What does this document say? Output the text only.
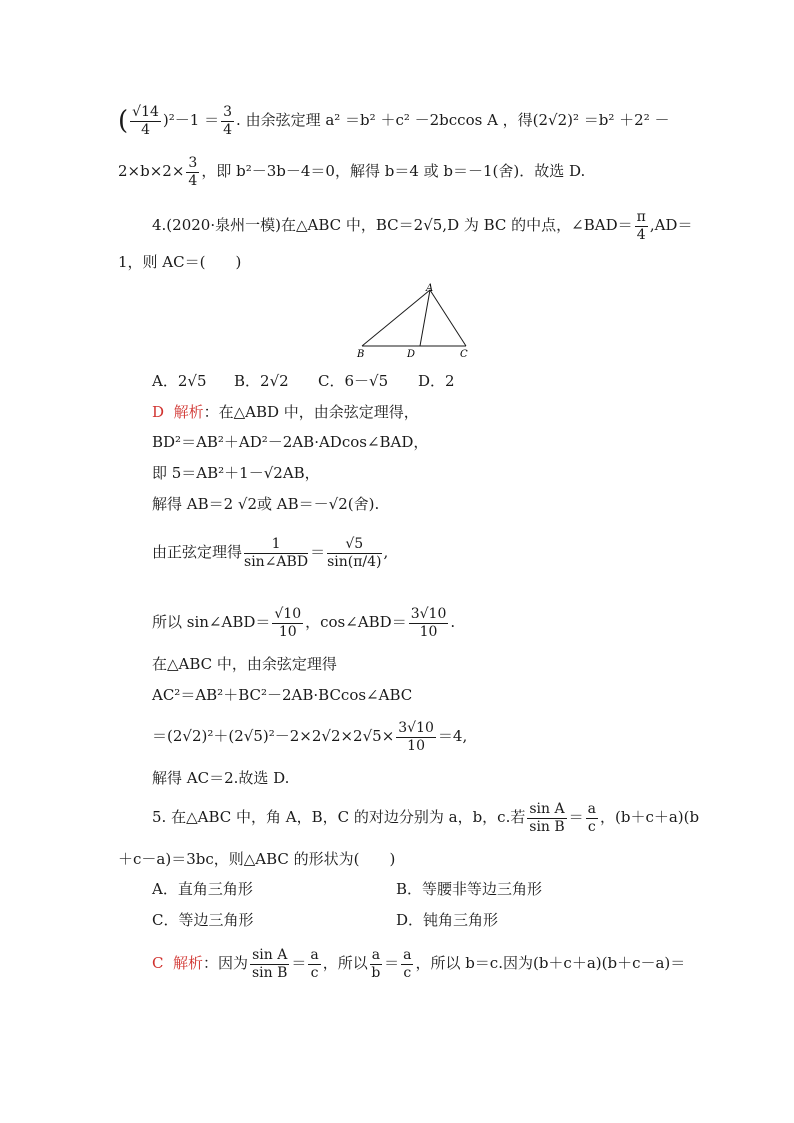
( $\frac{√14}{4} )^2-1 = \frac{3}{4}$ . 由余弦定理 a² ＝b² ＋c² －2bccos A ，得(2√2)² ＝b² ＋2² －
$2\times b\times 2\times \frac{3}{4}$ ，即 b²－3b－4＝0，解得 b＝4 或 b＝－1(舍)．故选 D.
4.(2020·泉州一模)在△ABC 中，BC＝2√5,D 为 BC 的中点，∠BAD＝ $\frac{\pi}{4} ,AD=$
1，则 AC＝(　　)
A
B	D	C
A．2√5 B．2√2 C．6－√5 D．2
D 解析：在△ABD 中，由余弦定理得，
BD²＝AB²＋AD²－2AB·ADcos∠BAD，
即 5＝AB²＋1－√2AB，
解得 AB＝2 √2或 AB＝－√2(舍).
由正弦定理得 $\frac{1}{\text{sin∠ABD}} = \frac{√5}{\sin(\pi/4)}$ ,
所以 sin∠ABD＝ $\frac{√10}{10}$ ，cos∠ABD＝ $\frac{3√10}{10}$ .
在△ABC 中，由余弦定理得
AC²＝AB²＋BC²－2AB·BCcos∠ABC
$=(2√2)^2+(2√5)^2-2\times 2√2\times 2√5\times \frac{3√10}{10} =4$,
解得 AC＝2.故选 D.
5. 在△ABC 中，角 A，B，C 的对边分别为 a，b，c.若 $\frac{\text{sin A}}{\text{sin B}} = \frac{a}{c}$ ，(b＋c＋a)(b
＋c－a)＝3bc，则△ABC 的形状为(　　)
A．直角三角形	B．等腰非等边三角形
C．等边三角形	D．钝角三角形
C 解析：因为 $\frac{\text{sin A}}{\text{sin B}} = \frac{a}{c}$ ，所以 $\frac{a}{b} = \frac{a}{c}$ ，所以 b＝c.因为(b＋c＋a)(b＋c－a)＝
